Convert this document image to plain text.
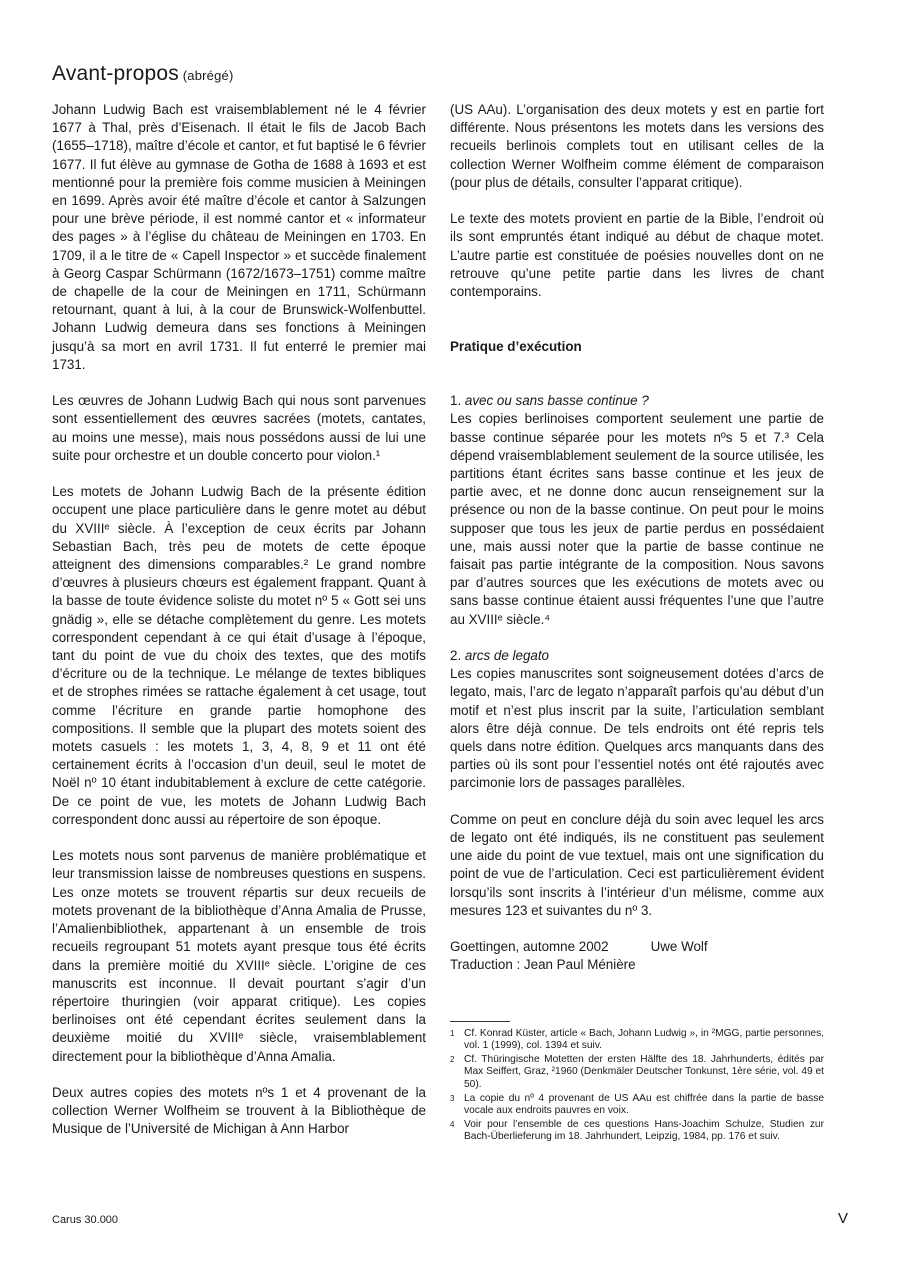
Avant-propos (abrégé)

Johann Ludwig Bach est vraisemblablement né le 4 février 1677 à Thal, près d’Eisenach. Il était le fils de Jacob Bach (1655–1718), maître d’école et cantor, et fut baptisé le 6 février 1677. Il fut élève au gymnase de Gotha de 1688 à 1693 et est mentionné pour la première fois comme musicien à Meiningen en 1699. Après avoir été maître d’école et cantor à Salzungen pour une brève période, il est nommé cantor et « informateur des pages » à l’église du château de Meiningen en 1703. En 1709, il a le titre de « Capell Inspector » et succède finalement à Georg Caspar Schürmann (1672/1673–1751) comme maître de chapelle de la cour de Meiningen en 1711, Schürmann retournant, quant à lui, à la cour de Brunswick-Wolfenbuttel. Johann Ludwig demeura dans ses fonctions à Meiningen jusqu’à sa mort en avril 1731. Il fut enterré le premier mai 1731.

Les œuvres de Johann Ludwig Bach qui nous sont parvenues sont essentiellement des œuvres sacrées (motets, cantates, au moins une messe), mais nous possédons aussi de lui une suite pour orchestre et un double concerto pour violon.¹

Les motets de Johann Ludwig Bach de la présente édition occupent une place particulière dans le genre motet au début du XVIIIᵉ siècle. À l’exception de ceux écrits par Johann Sebastian Bach, très peu de motets de cette époque atteignent des dimensions comparables.² Le grand nombre d’œuvres à plusieurs chœurs est également frappant. Quant à la basse de toute évidence soliste du motet nº 5 « Gott sei uns gnädig », elle se détache complètement du genre. Les motets correspondent cependant à ce qui était d’usage à l’époque, tant du point de vue du choix des textes, que des motifs d’écriture ou de la technique. Le mélange de textes bibliques et de strophes rimées se rattache également à cet usage, tout comme l’écriture en grande partie homophone des compositions. Il semble que la plupart des motets soient des motets casuels : les motets 1, 3, 4, 8, 9 et 11 ont été certainement écrits à l’occasion d’un deuil, seul le motet de Noël nº 10 étant indubitablement à exclure de cette catégorie. De ce point de vue, les motets de Johann Ludwig Bach correspondent donc aussi au répertoire de son époque.

Les motets nous sont parvenus de manière problématique et leur transmission laisse de nombreuses questions en suspens. Les onze motets se trouvent répartis sur deux recueils de motets provenant de la bibliothèque d’Anna Amalia de Prusse, l’Amalienbibliothek, appartenant à un ensemble de trois recueils regroupant 51 motets ayant presque tous été écrits dans la première moitié du XVIIIᵉ siècle. L’origine de ces manuscrits est inconnue. Il devait pourtant s’agir d’un répertoire thuringien (voir apparat critique). Les copies berlinoises ont été cependant écrites seulement dans la deuxième moitié du XVIIIᵉ siècle, vraisemblablement directement pour la bibliothèque d’Anna Amalia.

Deux autres copies des motets nºs 1 et 4 provenant de la collection Werner Wolfheim se trouvent à la Bibliothèque de Musique de l’Université de Michigan à Ann Harbor

(US AAu). L’organisation des deux motets y est en partie fort différente. Nous présentons les motets dans les versions des recueils berlinois complets tout en utilisant celles de la collection Werner Wolfheim comme élément de comparaison (pour plus de détails, consulter l’apparat critique).

Le texte des motets provient en partie de la Bible, l’endroit où ils sont empruntés étant indiqué au début de chaque motet. L’autre partie est constituée de poésies nouvelles dont on ne retrouve qu’une petite partie dans les livres de chant contemporains.

Pratique d’exécution

1. avec ou sans basse continue ?

Les copies berlinoises comportent seulement une partie de basse continue séparée pour les motets nºs 5 et 7.³ Cela dépend vraisemblablement seulement de la source utilisée, les partitions étant écrites sans basse continue et les jeux de partie avec, et ne donne donc aucun renseignement sur la présence ou non de la basse continue. On peut pour le moins supposer que tous les jeux de partie perdus en possédaient une, mais aussi noter que la partie de basse continue ne faisait pas partie intégrante de la composition. Nous savons par d’autres sources que les exécutions de motets avec ou sans basse continue étaient aussi fréquentes l’une que l’autre au XVIIIᵉ siècle.⁴

2. arcs de legato

Les copies manuscrites sont soigneusement dotées d’arcs de legato, mais, l’arc de legato n’apparaît parfois qu’au début d’un motif et n’est plus inscrit par la suite, l’articulation semblant alors être déjà connue. De tels endroits ont été repris tels quels dans notre édition. Quelques arcs manquants dans des parties où ils sont pour l’essentiel notés ont été rajoutés avec parcimonie lors de passages parallèles.

Comme on peut en conclure déjà du soin avec lequel les arcs de legato ont été indiqués, ils ne constituent pas seulement une aide du point de vue textuel, mais ont une signification du point de vue de l’articulation. Ceci est particulièrement évident lorsqu’ils sont inscrits à l’intérieur d’un mélisme, comme aux mesures 123 et suivantes du nº 3.

Goettingen, automne 2002	Uwe Wolf
Traduction : Jean Paul Ménière
1 Cf. Konrad Küster, article « Bach, Johann Ludwig », in ²MGG, partie personnes, vol. 1 (1999), col. 1394 et suiv.
2 Cf. Thüringische Motetten der ersten Hälfte des 18. Jahrhunderts, édités par Max Seiffert, Graz, ²1960 (Denkmäler Deutscher Tonkunst, 1ère série, vol. 49 et 50).
3 La copie du nº 4 provenant de US AAu est chiffrée dans la partie de basse vocale aux endroits pauvres en voix.
4 Voir pour l’ensemble de ces questions Hans-Joachim Schulze, Studien zur Bach-Überlieferung im 18. Jahrhundert, Leipzig, 1984, pp. 176 et suiv.
Carus 30.000	V
